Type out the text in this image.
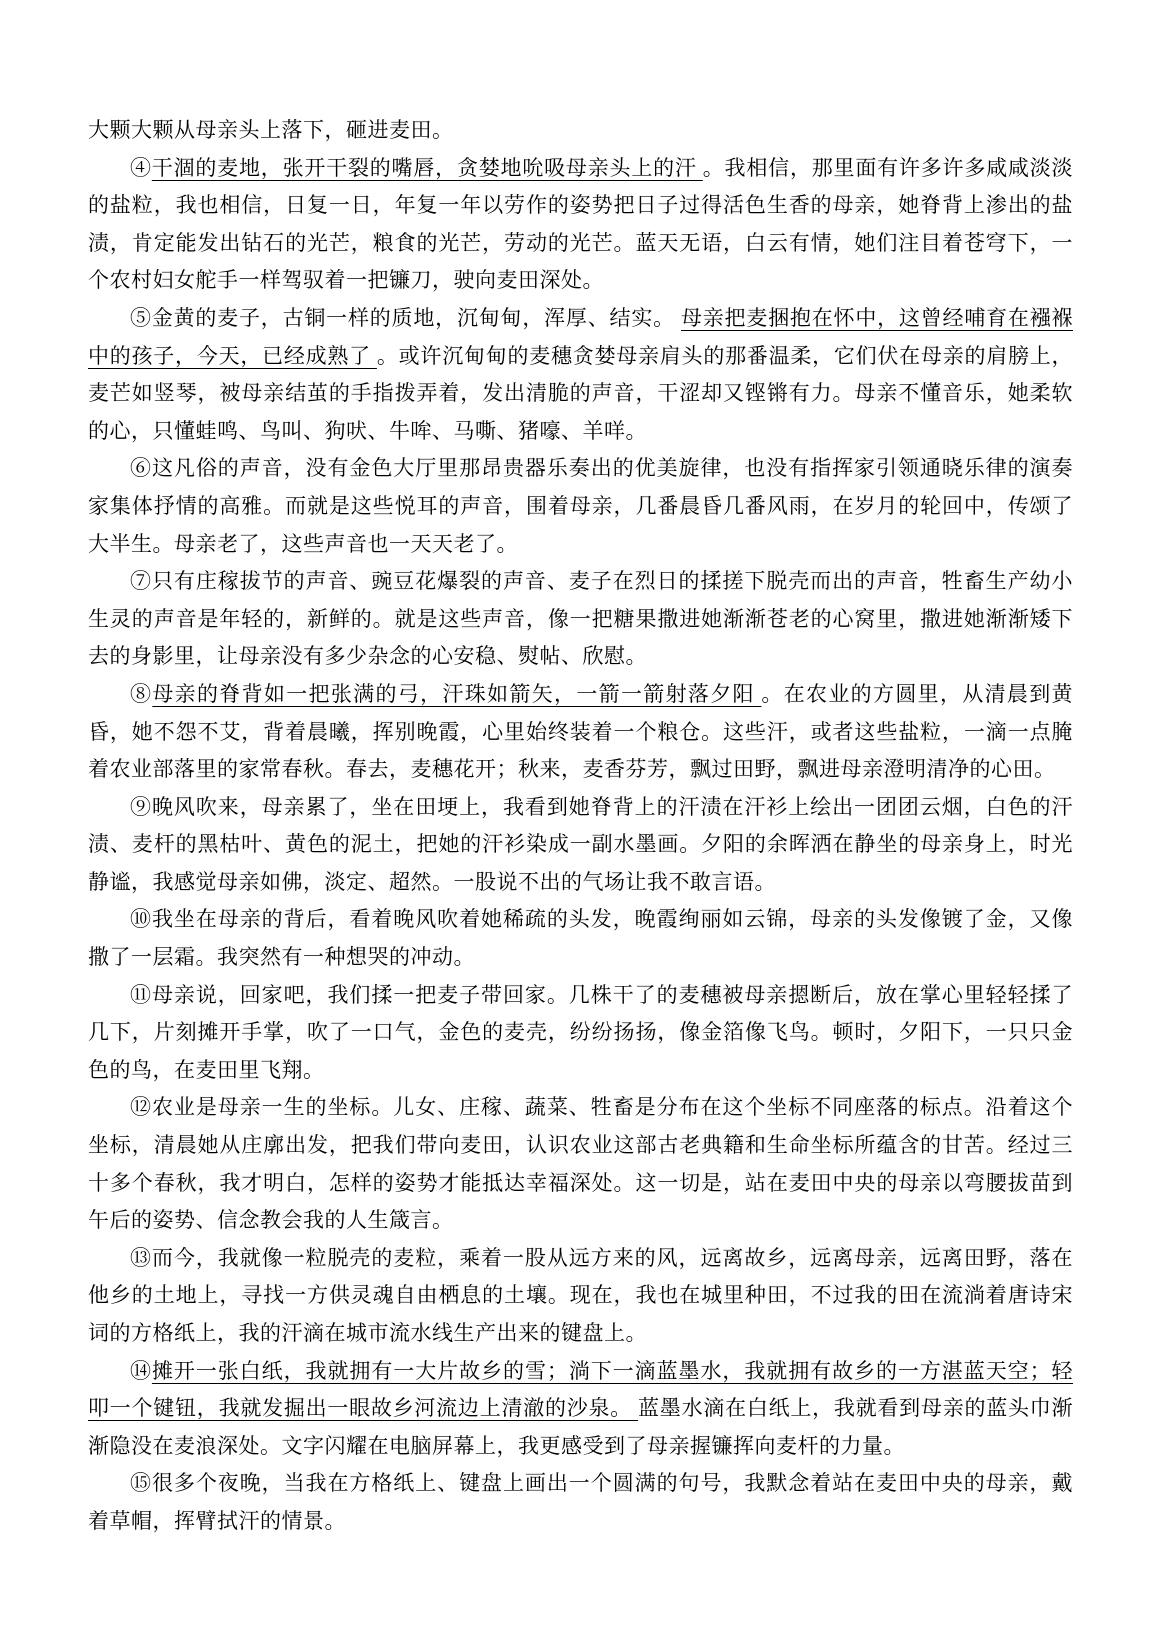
大颗大颗从母亲头上落下，砸进麦田。

④干涸的麦地，张开干裂的嘴唇，贪婪地吮吸母亲头上的汗 。我相信，那里面有许多许多咸咸淡淡的盐粒，我也相信，日复一日，年复一年以劳作的姿势把日子过得活色生香的母亲，她脊背上渗出的盐渍，肯定能发出钻石的光芒，粮食的光芒，劳动的光芒。蓝天无语，白云有情，她们注目着苍穹下，一个农村妇女舵手一样驾驭着一把镰刀，驶向麦田深处。

⑤金黄的麦子，古铜一样的质地，沉甸甸，浑厚、结实。 母亲把麦捆抱在怀中，这曾经哺育在襁褓中的孩子，今天，已经成熟了 。或许沉甸甸的麦穗贪婪母亲肩头的那番温柔，它们伏在母亲的肩膀上，麦芒如竖琴，被母亲结茧的手指拨弄着，发出清脆的声音，干涩却又铿锵有力。母亲不懂音乐，她柔软的心，只懂蛙鸣、鸟叫、狗吠、牛哞、马嘶、猪嚎、羊咩。

⑥这凡俗的声音，没有金色大厅里那昂贵器乐奏出的优美旋律，也没有指挥家引领通晓乐律的演奏家集体抒情的高雅。而就是这些悦耳的声音，围着母亲，几番晨昏几番风雨，在岁月的轮回中，传颂了大半生。母亲老了，这些声音也一天天老了。

⑦只有庄稼拔节的声音、豌豆花爆裂的声音、麦子在烈日的揉搓下脱壳而出的声音，牲畜生产幼小生灵的声音是年轻的，新鲜的。就是这些声音，像一把糖果撒进她渐渐苍老的心窝里，撒进她渐渐矮下去的身影里，让母亲没有多少杂念的心安稳、熨帖、欣慰。

⑧母亲的脊背如一把张满的弓，汗珠如箭矢，一箭一箭射落夕阳 。在农业的方圆里，从清晨到黄昏，她不怨不艾，背着晨曦，挥别晚霞，心里始终装着一个粮仓。这些汗，或者这些盐粒，一滴一点腌着农业部落里的家常春秋。春去，麦穗花开；秋来，麦香芬芳，飘过田野，飘进母亲澄明清净的心田。

⑨晚风吹来，母亲累了，坐在田埂上，我看到她脊背上的汗渍在汗衫上绘出一团团云烟，白色的汗渍、麦杆的黑枯叶、黄色的泥土，把她的汗衫染成一副水墨画。夕阳的余晖洒在静坐的母亲身上，时光静谧，我感觉母亲如佛，淡定、超然。一股说不出的气场让我不敢言语。

⑩我坐在母亲的背后，看着晚风吹着她稀疏的头发，晚霞绚丽如云锦，母亲的头发像镀了金，又像撒了一层霜。我突然有一种想哭的冲动。

⑪母亲说，回家吧，我们揉一把麦子带回家。几株干了的麦穗被母亲摁断后，放在掌心里轻轻揉了几下，片刻摊开手掌，吹了一口气，金色的麦壳，纷纷扬扬，像金箔像飞鸟。顿时，夕阳下，一只只金色的鸟，在麦田里飞翔。

⑫农业是母亲一生的坐标。儿女、庄稼、蔬菜、牲畜是分布在这个坐标不同座落的标点。沿着这个坐标，清晨她从庄廓出发，把我们带向麦田，认识农业这部古老典籍和生命坐标所蕴含的甘苦。经过三十多个春秋，我才明白，怎样的姿势才能抵达幸福深处。这一切是，站在麦田中央的母亲以弯腰拔苗到午后的姿势、信念教会我的人生箴言。

⑬而今，我就像一粒脱壳的麦粒，乘着一股从远方来的风，远离故乡，远离母亲，远离田野，落在他乡的土地上，寻找一方供灵魂自由栖息的土壤。现在，我也在城里种田，不过我的田在流淌着唐诗宋词的方格纸上，我的汗滴在城市流水线生产出来的键盘上。

⑭摊开一张白纸，我就拥有一大片故乡的雪；淌下一滴蓝墨水，我就拥有故乡的一方湛蓝天空；轻叩一个键钮，我就发掘出一眼故乡河流边上清澈的沙泉。 蓝墨水滴在白纸上，我就看到母亲的蓝头巾渐渐隐没在麦浪深处。文字闪耀在电脑屏幕上，我更感受到了母亲握镰挥向麦杆的力量。

⑮很多个夜晚，当我在方格纸上、键盘上画出一个圆满的句号，我默念着站在麦田中央的母亲，戴着草帽，挥臂拭汗的情景。
